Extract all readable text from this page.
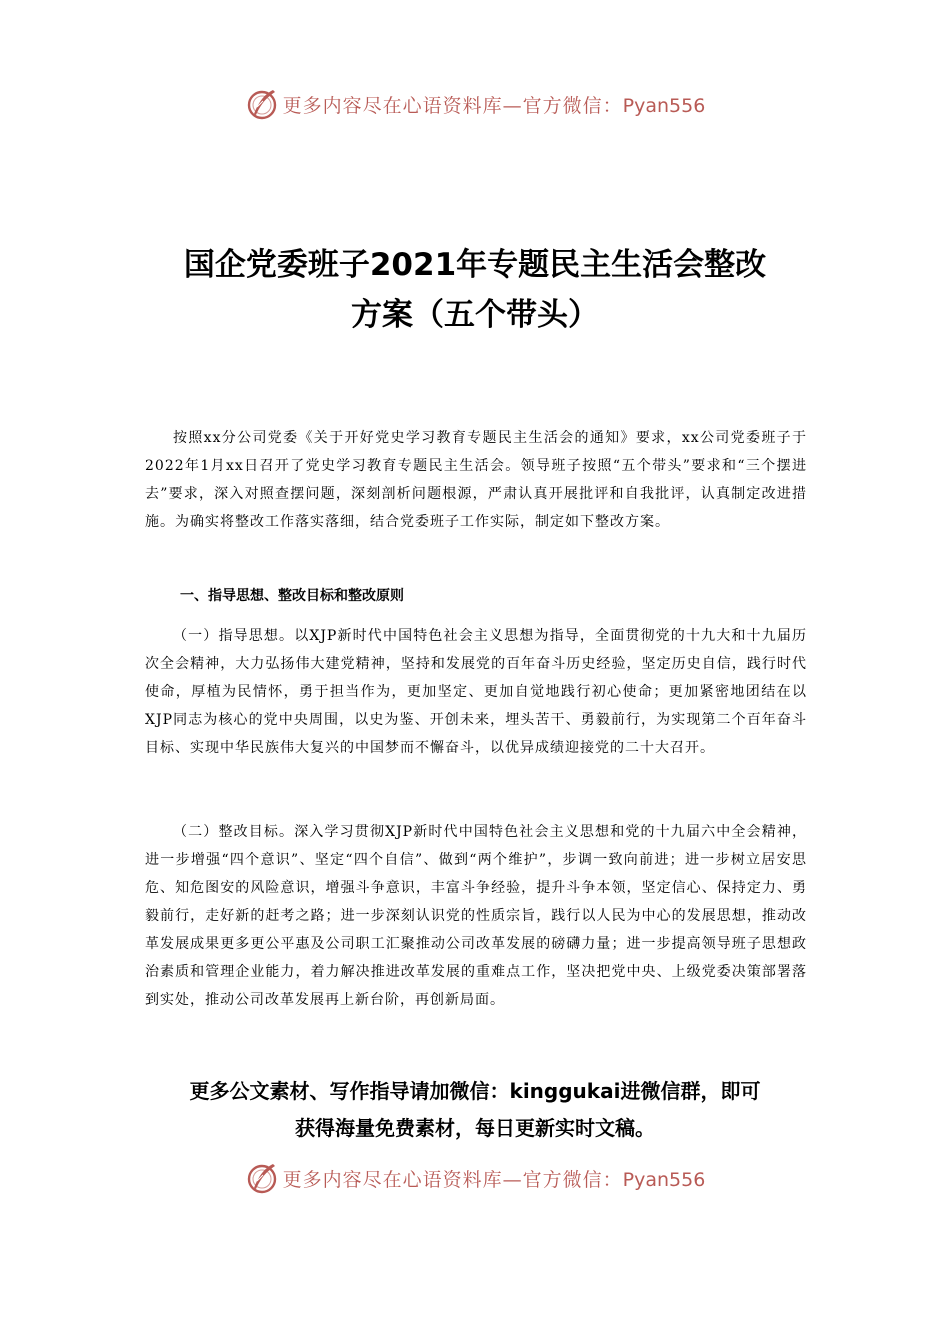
更多内容尽在心语资料库—官方微信：Pyan556
国企党委班子2021年专题民主生活会整改
方案（五个带头）

按照xx分公司党委《关于开好党史学习教育专题民主生活会的通知》要求，xx公司党委班子于2022年1月xx日召开了党史学习教育专题民主生活会。领导班子按照“五个带头”要求和“三个摆进去”要求，深入对照查摆问题，深刻剖析问题根源，严肃认真开展批评和自我批评，认真制定改进措施。为确实将整改工作落实落细，结合党委班子工作实际，制定如下整改方案。

一、指导思想、整改目标和整改原则

（一）指导思想。以XJP新时代中国特色社会主义思想为指导，全面贯彻党的十九大和十九届历次全会精神，大力弘扬伟大建党精神，坚持和发展党的百年奋斗历史经验，坚定历史自信，践行时代使命，厚植为民情怀，勇于担当作为，更加坚定、更加自觉地践行初心使命；更加紧密地团结在以XJP同志为核心的党中央周围，以史为鉴、开创未来，埋头苦干、勇毅前行，为实现第二个百年奋斗目标、实现中华民族伟大复兴的中国梦而不懈奋斗，以优异成绩迎接党的二十大召开。

（二）整改目标。深入学习贯彻XJP新时代中国特色社会主义思想和党的十九届六中全会精神，进一步增强“四个意识”、坚定“四个自信”、做到“两个维护”，步调一致向前进；进一步树立居安思危、知危图安的风险意识，增强斗争意识，丰富斗争经验，提升斗争本领，坚定信心、保持定力、勇毅前行，走好新的赶考之路；进一步深刻认识党的性质宗旨，践行以人民为中心的发展思想，推动改革发展成果更多更公平惠及公司职工汇聚推动公司改革发展的磅礴力量；进一步提高领导班子思想政治素质和管理企业能力，着力解决推进改革发展的重难点工作，坚决把党中央、上级党委决策部署落到实处，推动公司改革发展再上新台阶，再创新局面。

更多公文素材、写作指导请加微信：kinggukai进微信群，即可
获得海量免费素材，每日更新实时文稿。
更多内容尽在心语资料库—官方微信：Pyan556
